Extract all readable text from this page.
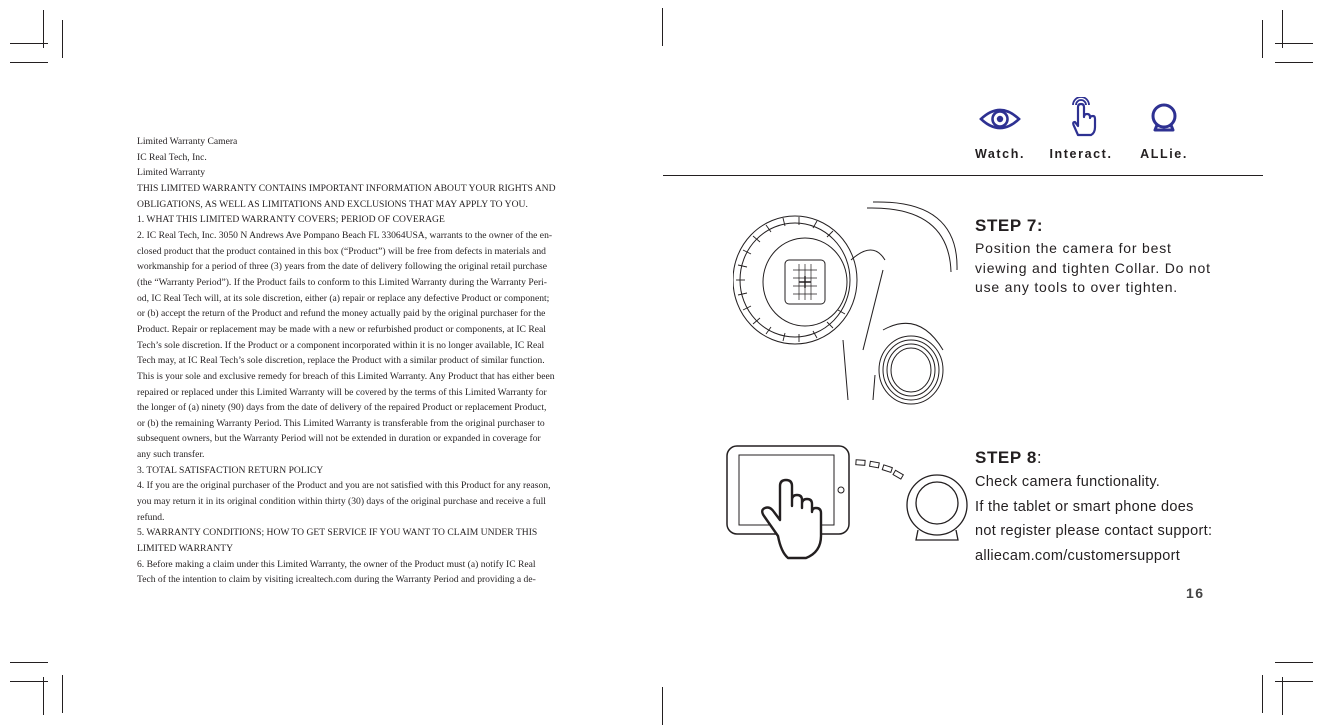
Limited Warranty Camera

IC Real Tech, Inc.

Limited Warranty

THIS LIMITED WARRANTY CONTAINS IMPORTANT INFORMATION ABOUT YOUR RIGHTS AND

OBLIGATIONS, AS WELL AS LIMITATIONS AND EXCLUSIONS THAT MAY APPLY TO YOU.

1. WHAT THIS LIMITED WARRANTY COVERS; PERIOD OF COVERAGE

2. IC Real Tech, Inc. 3050 N Andrews Ave Pompano Beach FL 33064USA, warrants to the owner of the en-

closed product that the product contained in this box (“Product”) will be free from defects in materials and

workmanship for a period of three (3) years from the date of delivery following the original retail purchase

(the “Warranty Period”). If the Product fails to conform to this Limited Warranty during the Warranty Peri-

od, IC Real Tech will, at its sole discretion, either (a) repair or replace any defective Product or component;

or (b) accept the return of the Product and refund the money actually paid by the original purchaser for the

Product. Repair or replacement may be made with a new or refurbished product or components, at IC Real

Tech’s sole discretion. If the Product or a component incorporated within it is no longer available, IC Real

Tech may, at IC Real Tech’s sole discretion, replace the Product with a similar product of similar function.

This is your sole and exclusive remedy for breach of this Limited Warranty. Any Product that has either been

repaired or replaced under this Limited Warranty will be covered by the terms of this Limited Warranty for

the longer of (a) ninety (90) days from the date of delivery of the repaired Product or replacement Product,

or (b) the remaining Warranty Period. This Limited Warranty is transferable from the original purchaser to

subsequent owners, but the Warranty Period will not be extended in duration or expanded in coverage for

any such transfer.

3. TOTAL SATISFACTION RETURN POLICY

4. If you are the original purchaser of the Product and you are not satisfied with this Product for any reason,

you may return it in its original condition within thirty (30) days of the original purchase and receive a full

refund.

5. WARRANTY CONDITIONS; HOW TO GET SERVICE IF YOU WANT TO CLAIM UNDER THIS

LIMITED WARRANTY

6. Before making a claim under this Limited Warranty, the owner of the Product must (a) notify IC Real

Tech of the intention to claim by visiting icrealtech.com during the Warranty Period and providing a de-

Watch.	Interact.	ALLie.
STEP 7:
Position the camera for best viewing and tighten Collar. Do not use any tools to over tighten.
STEP 8:
Check camera functionality.
If the tablet or smart phone does
not register please contact support:
alliecam.com/customersupport
16
